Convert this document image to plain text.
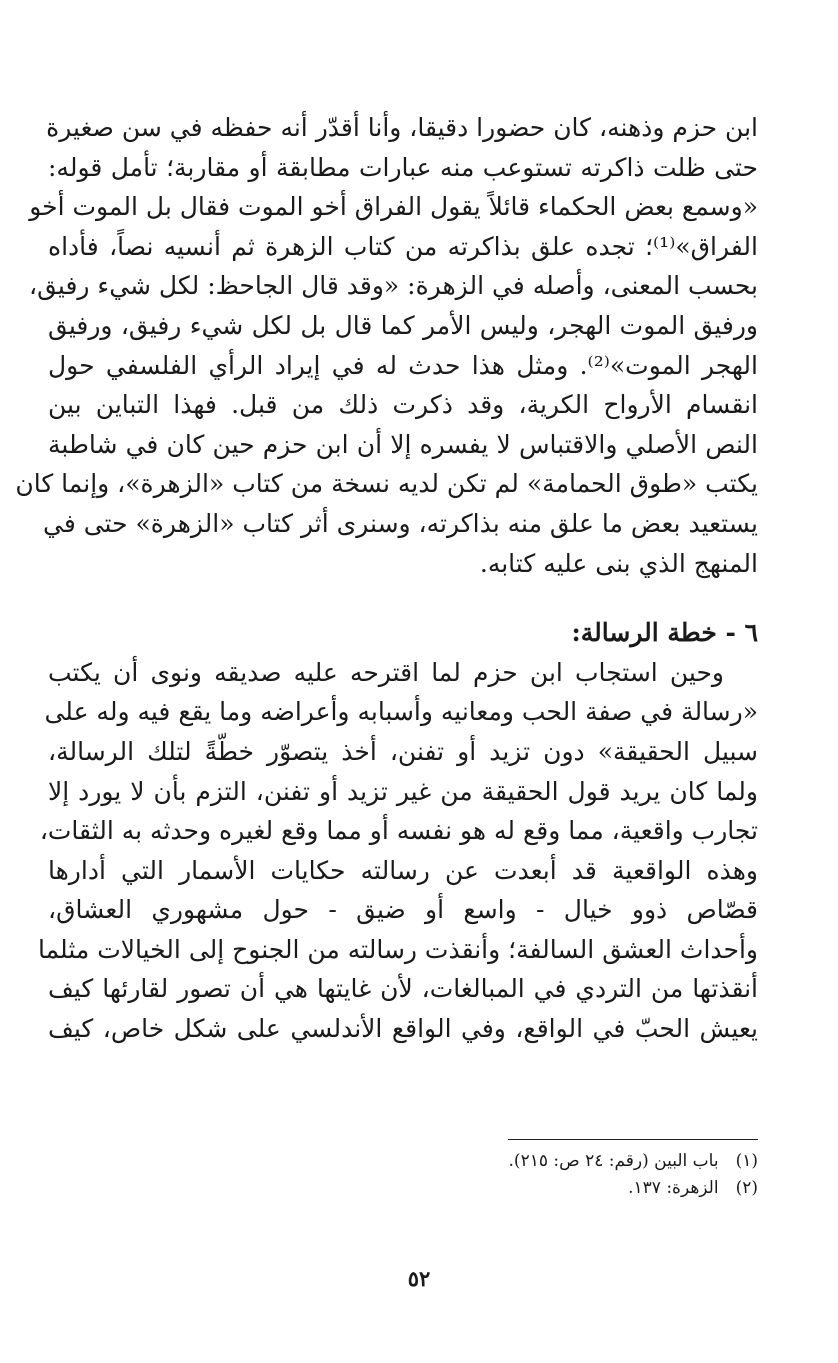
ابن حزم وذهنه، كان حضورا دقيقا، وأنا أقدّر أنه حفظه في سن صغيرة
حتى ظلت ذاكرته تستوعب منه عبارات مطابقة أو مقاربة؛ تأمل قوله:
«وسمع بعض الحكماء قائلاً يقول الفراق أخو الموت فقال بل الموت أخو
الفراق»⁽¹⁾؛ تجده علق بذاكرته من كتاب الزهرة ثم أنسيه نصاً، فأداه
بحسب المعنى، وأصله في الزهرة: «وقد قال الجاحظ: لكل شيء رفيق،
ورفيق الموت الهجر، وليس الأمر كما قال بل لكل شيء رفيق، ورفيق
الهجر الموت»⁽²⁾. ومثل هذا حدث له في إيراد الرأي الفلسفي حول
انقسام الأرواح الكرية، وقد ذكرت ذلك من قبل. فهذا التباين بين
النص الأصلي والاقتباس لا يفسره إلا أن ابن حزم حين كان في شاطبة
يكتب «طوق الحمامة» لم تكن لديه نسخة من كتاب «الزهرة»، وإنما كان
يستعيد بعض ما علق منه بذاكرته، وسنرى أثر كتاب «الزهرة» حتى في
المنهج الذي بنى عليه كتابه.
٦ - خطة الرسالة:
وحين استجاب ابن حزم لما اقترحه عليه صديقه ونوى أن يكتب
«رسالة في صفة الحب ومعانيه وأسبابه وأعراضه وما يقع فيه وله على
سبيل الحقيقة» دون تزيد أو تفنن، أخذ يتصوّر خطّةً لتلك الرسالة،
ولما كان يريد قول الحقيقة من غير تزيد أو تفنن، التزم بأن لا يورد إلا
تجارب واقعية، مما وقع له هو نفسه أو مما وقع لغيره وحدثه به الثقات،
وهذه الواقعية قد أبعدت عن رسالته حكايات الأسمار التي أدارها
قصّاص ذوو خيال - واسع أو ضيق - حول مشهوري العشاق،
وأحداث العشق السالفة؛ وأنقذت رسالته من الجنوح إلى الخيالات مثلما
أنقذتها من التردي في المبالغات، لأن غايتها هي أن تصور لقارئها كيف
يعيش الحبّ في الواقع، وفي الواقع الأندلسي على شكل خاص، كيف
(١) باب البين (رقم: ٢٤ ص: ٢١٥).
(٢) الزهرة: ١٣٧.
٥٢
